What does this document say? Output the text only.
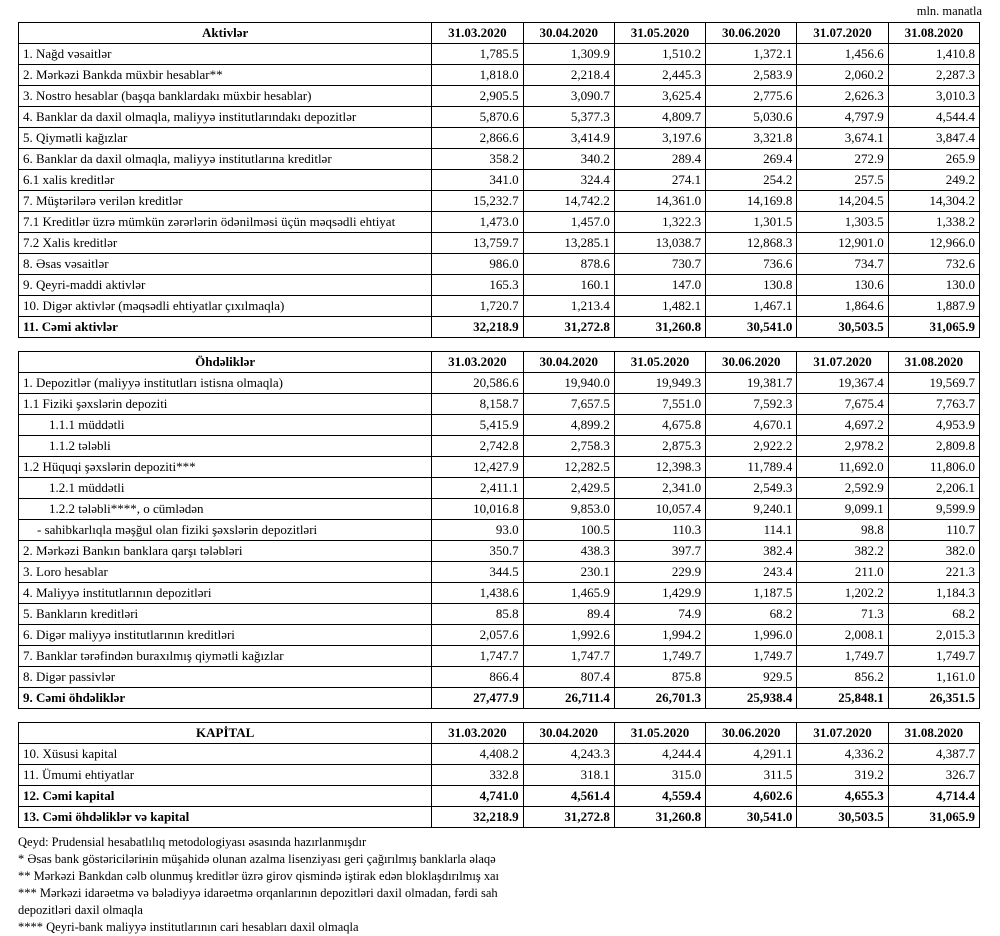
mln. manatla
Aktivlər	31.03.2020	30.04.2020	31.05.2020	30.06.2020	31.07.2020	31.08.2020
1. Nağd vəsaitlər	1,785.5	1,309.9	1,510.2	1,372.1	1,456.6	1,410.8
2. Mərkəzi Bankda müxbir hesablar**	1,818.0	2,218.4	2,445.3	2,583.9	2,060.2	2,287.3
3. Nostro hesablar (başqa banklardakı müxbir hesablar)	2,905.5	3,090.7	3,625.4	2,775.6	2,626.3	3,010.3
4. Banklar da daxil olmaqla, maliyyə institutlarındakı depozitlər	5,870.6	5,377.3	4,809.7	5,030.6	4,797.9	4,544.4
5. Qiymətli kağızlar	2,866.6	3,414.9	3,197.6	3,321.8	3,674.1	3,847.4
6. Banklar da daxil olmaqla, maliyyə institutlarına kreditlər	358.2	340.2	289.4	269.4	272.9	265.9
6.1 xalis kreditlər	341.0	324.4	274.1	254.2	257.5	249.2
7. Müştərilərə verilən kreditlər	15,232.7	14,742.2	14,361.0	14,169.8	14,204.5	14,304.2
7.1 Kreditlər üzrə mümkün zərərlərin ödənilməsi üçün məqsədli ehtiyat	1,473.0	1,457.0	1,322.3	1,301.5	1,303.5	1,338.2
7.2 Xalis kreditlər	13,759.7	13,285.1	13,038.7	12,868.3	12,901.0	12,966.0
8. Əsas vəsaitlər	986.0	878.6	730.7	736.6	734.7	732.6
9. Qeyri-maddi aktivlər	165.3	160.1	147.0	130.8	130.6	130.0
10. Digər aktivlər (məqsədli ehtiyatlar çıxılmaqla)	1,720.7	1,213.4	1,482.1	1,467.1	1,864.6	1,887.9
11. Cəmi aktivlər	32,218.9	31,272.8	31,260.8	30,541.0	30,503.5	31,065.9
Öhdəliklər	31.03.2020	30.04.2020	31.05.2020	30.06.2020	31.07.2020	31.08.2020
1. Depozitlər (maliyyə institutları istisna olmaqla)	20,586.6	19,940.0	19,949.3	19,381.7	19,367.4	19,569.7
1.1 Fiziki şəxslərin depoziti	8,158.7	7,657.5	7,551.0	7,592.3	7,675.4	7,763.7
1.1.1 müddətli	5,415.9	4,899.2	4,675.8	4,670.1	4,697.2	4,953.9
1.1.2 tələbli	2,742.8	2,758.3	2,875.3	2,922.2	2,978.2	2,809.8
1.2 Hüquqi şəxslərin depoziti***	12,427.9	12,282.5	12,398.3	11,789.4	11,692.0	11,806.0
1.2.1 müddətli	2,411.1	2,429.5	2,341.0	2,549.3	2,592.9	2,206.1
1.2.2 tələbli****, o cümlədən	10,016.8	9,853.0	10,057.4	9,240.1	9,099.1	9,599.9
- sahibkarlıqla məşğul olan fiziki şəxslərin depozitləri	93.0	100.5	110.3	114.1	98.8	110.7
2. Mərkəzi Bankın banklara qarşı tələbləri	350.7	438.3	397.7	382.4	382.2	382.0
3. Loro hesablar	344.5	230.1	229.9	243.4	211.0	221.3
4. Maliyyə institutlarının depozitləri	1,438.6	1,465.9	1,429.9	1,187.5	1,202.2	1,184.3
5. Bankların kreditləri	85.8	89.4	74.9	68.2	71.3	68.2
6. Digər maliyyə institutlarının kreditləri	2,057.6	1,992.6	1,994.2	1,996.0	2,008.1	2,015.3
7. Banklar tərəfindən buraxılmış qiymətli kağızlar	1,747.7	1,747.7	1,749.7	1,749.7	1,749.7	1,749.7
8. Digər passivlər	866.4	807.4	875.8	929.5	856.2	1,161.0
9. Cəmi öhdəliklər	27,477.9	26,711.4	26,701.3	25,938.4	25,848.1	26,351.5
KAPİTAL	31.03.2020	30.04.2020	31.05.2020	30.06.2020	31.07.2020	31.08.2020
10. Xüsusi kapital	4,408.2	4,243.3	4,244.4	4,291.1	4,336.2	4,387.7
11. Ümumi ehtiyatlar	332.8	318.1	315.0	311.5	319.2	326.7
12. Cəmi kapital	4,741.0	4,561.4	4,559.4	4,602.6	4,655.3	4,714.4
13. Cəmi öhdəliklər və kapital	32,218.9	31,272.8	31,260.8	30,541.0	30,503.5	31,065.9
Qeyd: Prudensial hesabatlılıq metodologiyası əsasında hazırlanmışdır
* Əsas bank göstəriciləriнin müşahidə olunan azalma lisenziyası geri çağırılmış banklarla əlaqə
** Mərkəzi Bankdan cəlb olunmuş kreditlər üzrə girov qismində iştirak edən bloklaşdırılmış хаı
*** Mərkəzi idarəetmə və bələdiyyə idarəetmə orqanlarının depozitləri daxil olmadan, fərdi sah
depozitləri daxil olmaqla
**** Qeyri-bank maliyyə institutlarının cari hesabları daxil olmaqla
